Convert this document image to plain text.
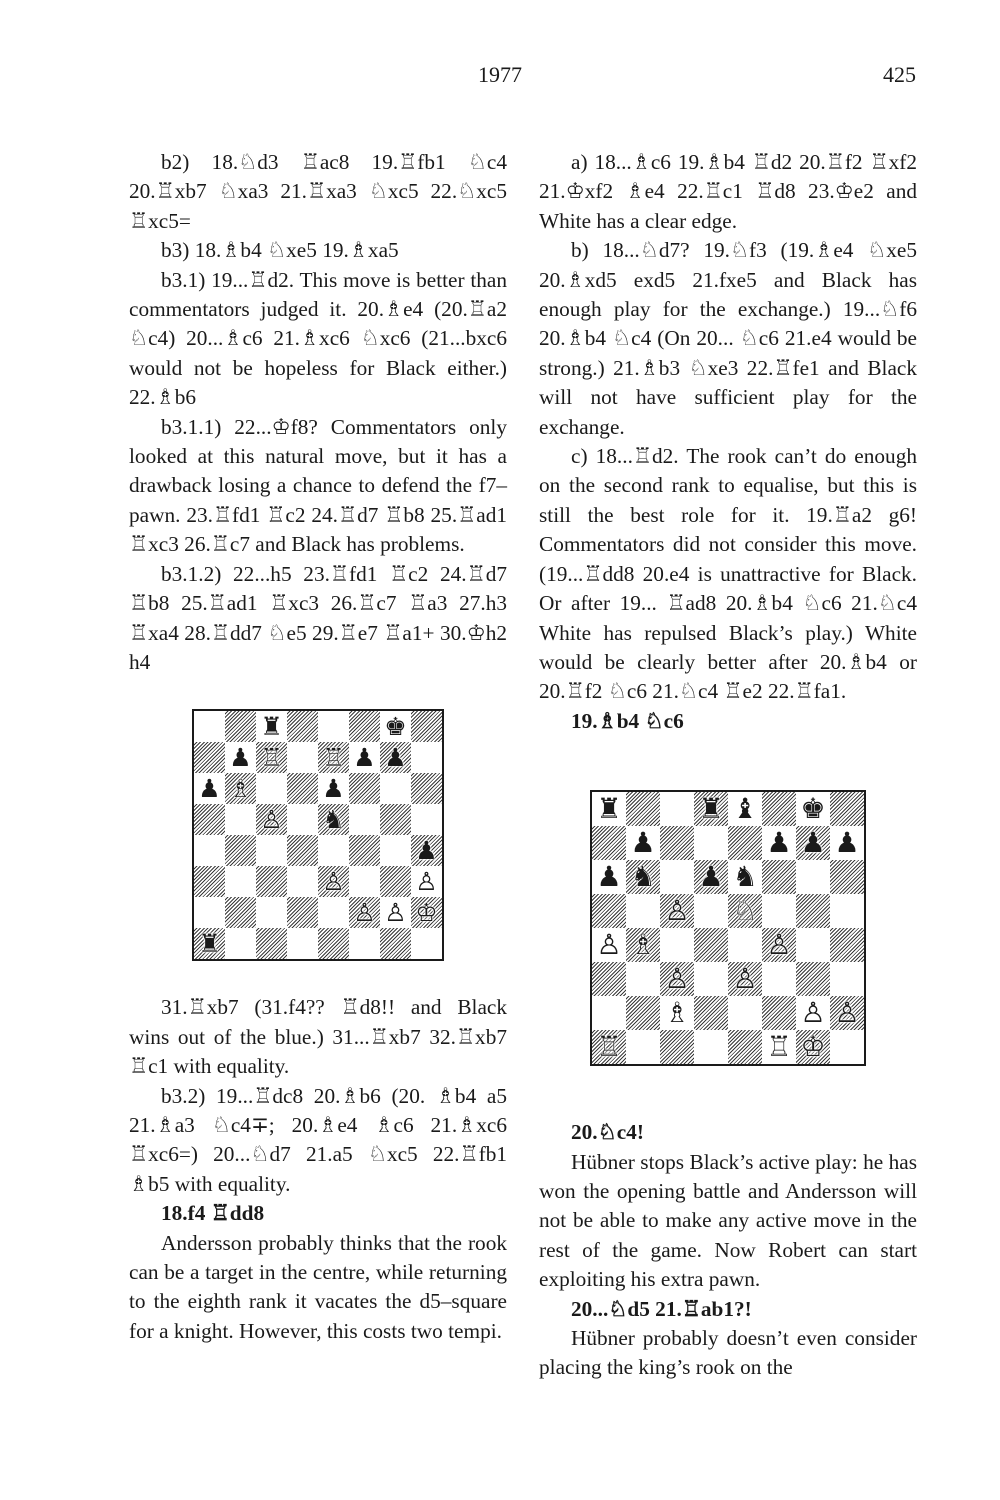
1977	425

b2) 18.♘d3 ♖ac8 19.♖fb1 ♘c4 20.♖xb7 ♘xa3 21.♖xa3 ♘xc5 22.♘xc5 ♖xc5=

b3) 18.♗b4 ♘xe5 19.♗xa5

b3.1) 19...♖d2. This move is better than commentators judged it. 20.♗e4 (20.♖a2 ♘c4) 20...♗c6 21.♗xc6 ♘xc6 (21...bxc6 would not be hopeless for Black either.) 22.♗b6

b3.1.1) 22...♔f8? Commentators only looked at this natural move, but it has a drawback losing a chance to defend the f7–pawn. 23.♖fd1 ♖c2 24.♖d7 ♖b8 25.♖ad1 ♖xc3 26.♖c7 and Black has problems.

b3.1.2) 22...h5 23.♖fd1 ♖c2 24.♖d7 ♖b8 25.♖ad1 ♖xc3 26.♖c7 ♖a3 27.h3 ♖xa4 28.♖dd7 ♘e5 29.♖e7 ♖a1+ 30.♔h2 h4

♜	♚
♟ ♖ ♖ ♟ ♟
♟ ♗	♟
♙ ♞
♟
♙	♙
♙ ♙ ♔
♜

31.♖xb7 (31.f4?? ♖d8!! and Black wins out of the blue.) 31...♖xb7 32.♖xb7 ♖c1 with equality.

b3.2) 19...♖dc8 20.♗b6 (20. ♗b4 a5 21.♗a3 ♘c4∓; 20.♗e4 ♗c6 21.♗xc6 ♖xc6=) 20...♘d7 21.a5 ♘xc5 22.♖fb1 ♗b5 with equality.

18.f4 ♖dd8

Andersson probably thinks that the rook can be a target in the centre, while returning to the eighth rank it vacates the d5–square for a knight. However, this costs two tempi.

a) 18...♗c6 19.♗b4 ♖d2 20.♖f2 ♖xf2 21.♔xf2 ♗e4 22.♖c1 ♖d8 23.♔e2 and White has a clear edge.

b) 18...♘d7? 19.♘f3 (19.♗e4 ♘xe5 20.♗xd5 exd5 21.fxe5 and Black has enough play for the exchange.) 19...♘f6 20.♗b4 ♘c4 (On 20... ♘c6 21.e4 would be strong.) 21.♗b3 ♘xe3 22.♖fe1 and Black will not have sufficient play for the exchange.

c) 18...♖d2. The rook can’t do enough on the second rank to equalise, but this is still the best role for it. 19.♖a2 g6! Commentators did not consider this move. (19...♖dd8 20.e4 is unattractive for Black. Or after 19... ♖ad8 20.♗b4 ♘c6 21.♘c4 White has repulsed Black’s play.) White would be clearly better after 20.♗b4 or 20.♖f2 ♘c6 21.♘c4 ♖e2 22.♖fa1.

19.♗b4 ♘c6

♜	♜ ♝ ♚
♟	♟ ♟ ♟
♟ ♞ ♟ ♞
♙ ♘
♙ ♗	♙
♙ ♙
♗	♙ ♙
♖	♖ ♔

20.♘c4!

Hübner stops Black’s active play: he has won the opening battle and Andersson will not be able to make any active move in the rest of the game. Now Robert can start exploiting his extra pawn.

20...♘d5 21.♖ab1?!

Hübner probably doesn’t even consider placing the king’s rook on the
